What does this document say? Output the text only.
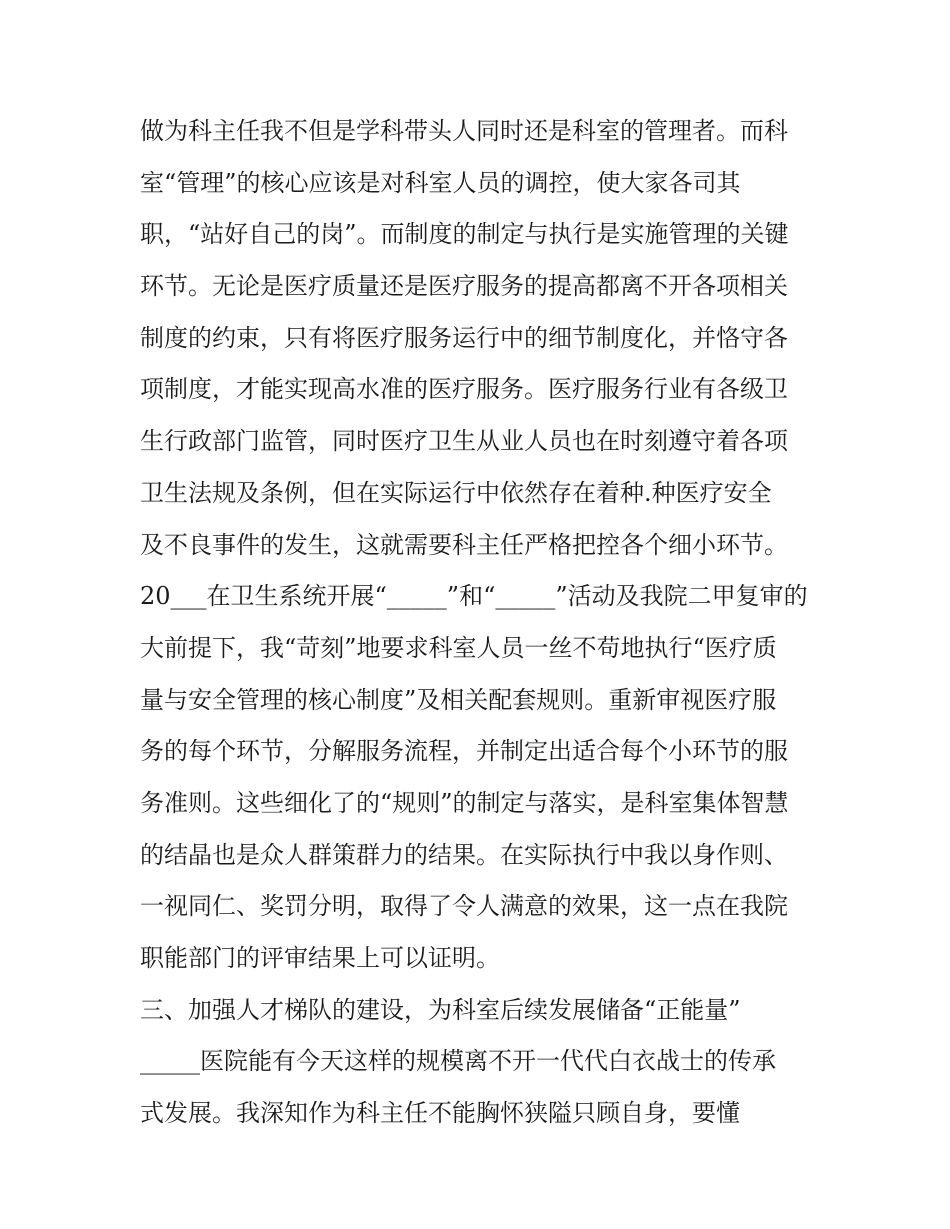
做为科主任我不但是学科带头人同时还是科室的管理者。而科
室“管理”的核心应该是对科室人员的调控，使大家各司其
职，“站好自己的岗”。而制度的制定与执行是实施管理的关键
环节。无论是医疗质量还是医疗服务的提高都离不开各项相关
制度的约束，只有将医疗服务运行中的细节制度化，并恪守各
项制度，才能实现高水准的医疗服务。医疗服务行业有各级卫
生行政部门监管，同时医疗卫生从业人员也在时刻遵守着各项
卫生法规及条例，但在实际运行中依然存在着种.种医疗安全
及不良事件的发生，这就需要科主任严格把控各个细小环节。
20___在卫生系统开展“_____”和“_____”活动及我院二甲复审的
大前提下，我“苛刻”地要求科室人员一丝不苟地执行“医疗质
量与安全管理的核心制度”及相关配套规则。重新审视医疗服
务的每个环节，分解服务流程，并制定出适合每个小环节的服
务准则。这些细化了的“规则”的制定与落实，是科室集体智慧
的结晶也是众人群策群力的结果。在实际执行中我以身作则、
一视同仁、奖罚分明，取得了令人满意的效果，这一点在我院
职能部门的评审结果上可以证明。
三、加强人才梯队的建设，为科室后续发展储备“正能量”
_____医院能有今天这样的规模离不开一代代白衣战士的传承
式发展。我深知作为科主任不能胸怀狭隘只顾自身，要懂
